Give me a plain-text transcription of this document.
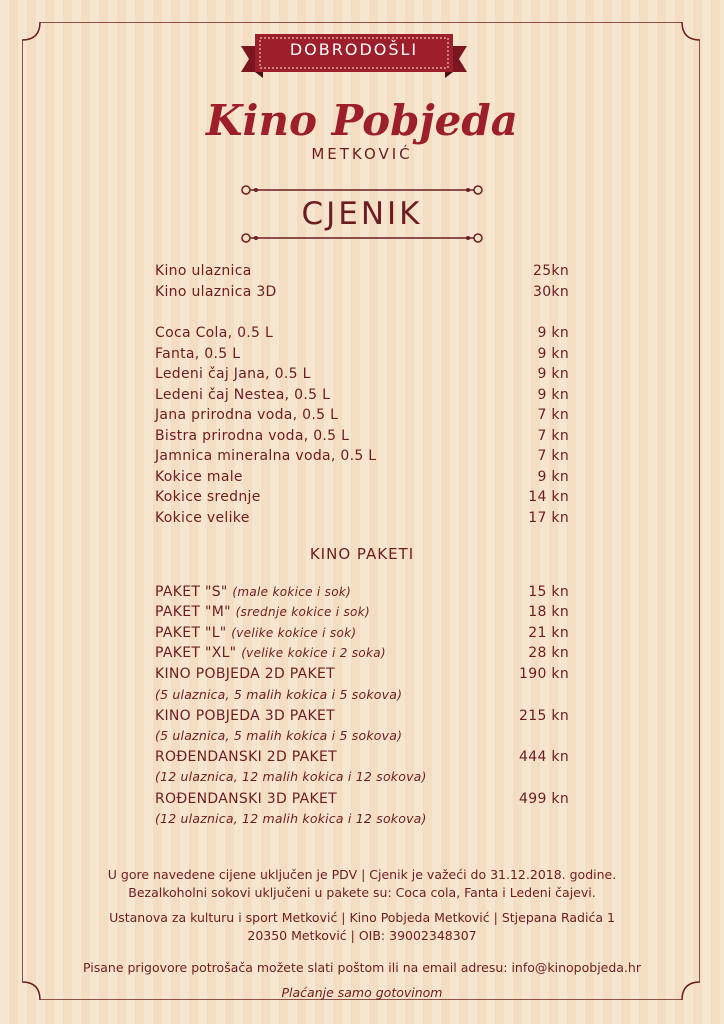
DOBRODOŠLI
Kino Pobjeda
METKOVIĆ
CJENIK
Kino ulaznica	25kn
Kino ulaznica 3D	30kn
Coca Cola, 0.5 L	9 kn
Fanta, 0.5 L	9 kn
Ledeni čaj Jana, 0.5 L	9 kn
Ledeni čaj Nestea, 0.5 L	9 kn
Jana prirodna voda, 0.5 L	7 kn
Bistra prirodna voda, 0.5 L	7 kn
Jamnica mineralna voda, 0.5 L	7 kn
Kokice male	9 kn
Kokice srednje	14 kn
Kokice velike	17 kn
KINO PAKETI
PAKET "S" (male kokice i sok)	15 kn
PAKET "M" (srednje kokice i sok)	18 kn
PAKET "L" (velike kokice i sok)	21 kn
PAKET "XL" (velike kokice i 2 soka)	28 kn
KINO POBJEDA 2D PAKET	190 kn
(5 ulaznica, 5 malih kokica i 5 sokova)
KINO POBJEDA 3D PAKET	215 kn
(5 ulaznica, 5 malih kokica i 5 sokova)
ROĐENDANSKI 2D PAKET	444 kn
(12 ulaznica, 12 malih kokica i 12 sokova)
ROĐENDANSKI 3D PAKET	499 kn
(12 ulaznica, 12 malih kokica i 12 sokova)
U gore navedene cijene uključen je PDV | Cjenik je važeći do 31.12.2018. godine.
Bezalkoholni sokovi uključeni u pakete su: Coca cola, Fanta i Ledeni čajevi.
Ustanova za kulturu i sport Metković | Kino Pobjeda Metković | Stjepana Radića 1
20350 Metković | OIB: 39002348307
Pisane prigovore potrošača možete slati poštom ili na email adresu: info@kinopobjeda.hr
Plaćanje samo gotovinom
